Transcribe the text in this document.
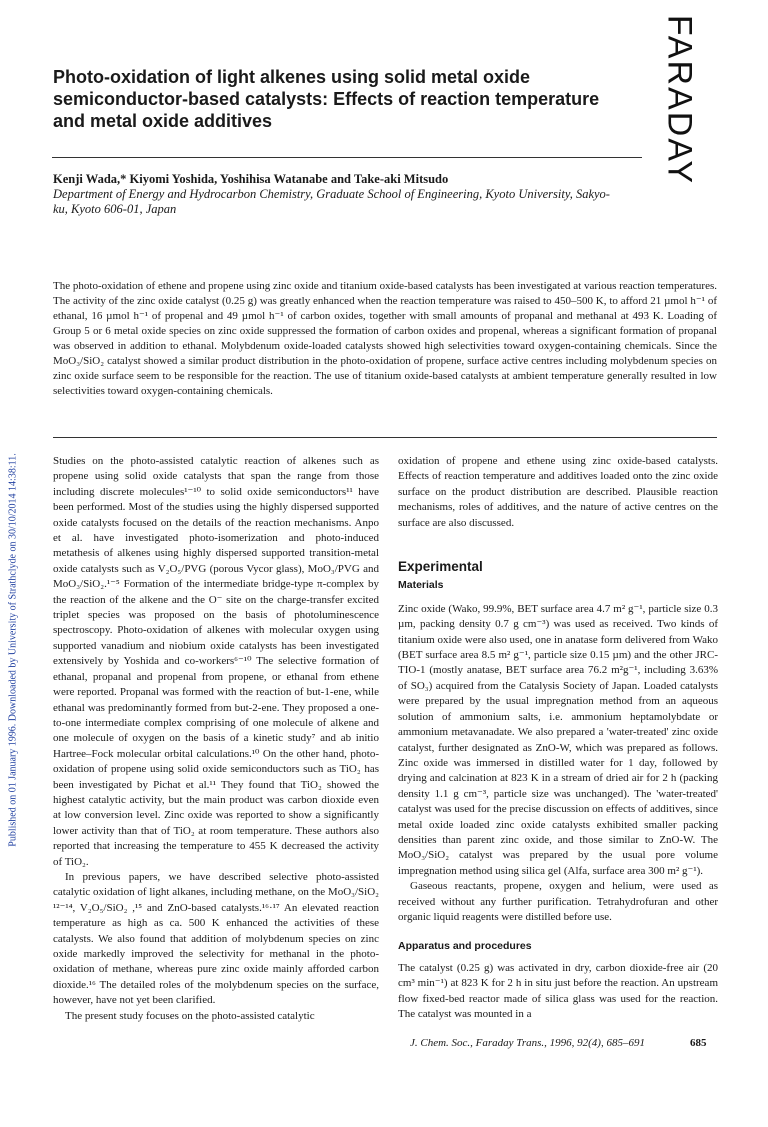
FARADAY
Published on 01 January 1996. Downloaded by University of Strathclyde on 30/10/2014 14:38:11.
Photo-oxidation of light alkenes using solid metal oxide semiconductor-based catalysts: Effects of reaction temperature and metal oxide additives
Kenji Wada,* Kiyomi Yoshida, Yoshihisa Watanabe and Take-aki Mitsudo
Department of Energy and Hydrocarbon Chemistry, Graduate School of Engineering, Kyoto University, Sakyo-ku, Kyoto 606-01, Japan

The photo-oxidation of ethene and propene using zinc oxide and titanium oxide-based catalysts has been investigated at various reaction temperatures. The activity of the zinc oxide catalyst (0.25 g) was greatly enhanced when the reaction temperature was raised to 450–500 K, to afford 21 µmol h⁻¹ of ethanal, 16 µmol h⁻¹ of propenal and 49 µmol h⁻¹ of carbon oxides, together with small amounts of propanal and methanal at 493 K. Loading of Group 5 or 6 metal oxide species on zinc oxide suppressed the formation of carbon oxides and propenal, whereas a significant formation of propanal was observed in addition to ethanal. Molybdenum oxide-loaded catalysts showed high selectivities toward oxygen-containing chemicals. Since the MoO₃/SiO₂ catalyst showed a similar product distribution in the photo-oxidation of propene, surface active centres including molybdenum species on zinc oxide surface seem to be responsible for the reaction. The use of titanium oxide-based catalysts at ambient temperature generally resulted in low selectivities toward oxygen-containing chemicals.

Studies on the photo-assisted catalytic reaction of alkenes such as propene using solid oxide catalysts that span the range from those including discrete molecules¹⁻¹⁰ to solid oxide semiconductors¹¹ have been performed. Most of the studies using the highly dispersed supported oxide catalysts focused on the details of the reaction mechanisms. Anpo et al. have investigated photo-isomerization and photo-induced metathesis of alkenes using highly dispersed supported transition-metal oxide catalysts such as V₂O₅/PVG (porous Vycor glass), MoO₃/PVG and MoO₃/SiO₂.¹⁻⁵ Formation of the intermediate bridge-type π-complex by the reaction of the alkene and the O⁻ site on the charge-transfer excited triplet species was proposed on the basis of photoluminescence spectroscopy. Photo-oxidation of alkenes with molecular oxygen using supported vanadium and niobium oxide catalysts has been investigated extensively by Yoshida and co-workers⁶⁻¹⁰ The selective formation of ethanal, propanal and propenal from propene, or ethanal from ethene were reported. Propanal was formed with the reaction of but-1-ene, while ethanal was predominantly formed from but-2-ene. They proposed a one-to-one intermediate complex comprising of one molecule of alkene and one molecule of oxygen on the basis of a kinetic study⁷ and ab initio Hartree–Fock molecular orbital calculations.¹⁰ On the other hand, photo-oxidation of propene using solid oxide semiconductors such as TiO₂ has been investigated by Pichat et al.¹¹ They found that TiO₂ showed the highest catalytic activity, but the main product was carbon dioxide even at low conversion level. Zinc oxide was reported to show a significantly lower activity than that of TiO₂ at room temperature. These authors also reported that increasing the temperature to 455 K decreased the activity of TiO₂.

In previous papers, we have described selective photo-assisted catalytic oxidation of light alkanes, including methane, on the MoO₃/SiO₂ ¹²⁻¹⁴, V₂O₅/SiO₂ ,¹⁵ and ZnO-based catalysts.¹⁶·¹⁷ An elevated reaction temperature as high as ca. 500 K enhanced the activities of these catalysts. We also found that addition of molybdenum species on zinc oxide markedly improved the selectivity for methanal in the photo-oxidation of methane, whereas pure zinc oxide mainly afforded carbon dioxide.¹⁶ The detailed roles of the molybdenum species on the surface, however, have not yet been clarified.

The present study focuses on the photo-assisted catalytic

oxidation of propene and ethene using zinc oxide-based catalysts. Effects of reaction temperature and additives loaded onto the zinc oxide surface on the product distribution are described. Plausible reaction mechanisms, roles of additives, and the nature of active centres on the surface are also discussed.

Experimental
Materials

Zinc oxide (Wako, 99.9%, BET surface area 4.7 m² g⁻¹, particle size 0.3 µm, packing density 0.7 g cm⁻³) was used as received. Two kinds of titanium oxide were also used, one in anatase form delivered from Wako (BET surface area 8.5 m² g⁻¹, particle size 0.15 µm) and the other JRC-TIO-1 (mostly anatase, BET surface area 76.2 m²g⁻¹, including 3.63% of SO₃) acquired from the Catalysis Society of Japan. Loaded catalysts were prepared by the usual impregnation method from an aqueous solution of ammonium salts, i.e. ammonium heptamolybdate or ammonium metavanadate. We also prepared a 'water-treated' zinc oxide catalyst, further designated as ZnO-W, which was prepared as follows. Zinc oxide was immersed in distilled water for 1 day, followed by drying and calcination at 823 K in a stream of dried air for 2 h (packing density 1.1 g cm⁻³, particle size was unchanged). The 'water-treated' catalyst was used for the precise discussion on effects of additives, since metal oxide loaded zinc oxide catalysts exhibited smaller packing densities than parent zinc oxide, and those similar to ZnO-W. The MoO₃/SiO₂ catalyst was prepared by the usual pore volume impregnation method using silica gel (Alfa, surface area 300 m² g⁻¹).

Gaseous reactants, propene, oxygen and helium, were used as received without any further purification. Tetrahydrofuran and other organic liquid reagents were distilled before use.

Apparatus and procedures

The catalyst (0.25 g) was activated in dry, carbon dioxide-free air (20 cm³ min⁻¹) at 823 K for 2 h in situ just before the reaction. An upstream flow fixed-bed reactor made of silica glass was used for the reaction. The catalyst was mounted in a

J. Chem. Soc., Faraday Trans., 1996, 92(4), 685–691	685
